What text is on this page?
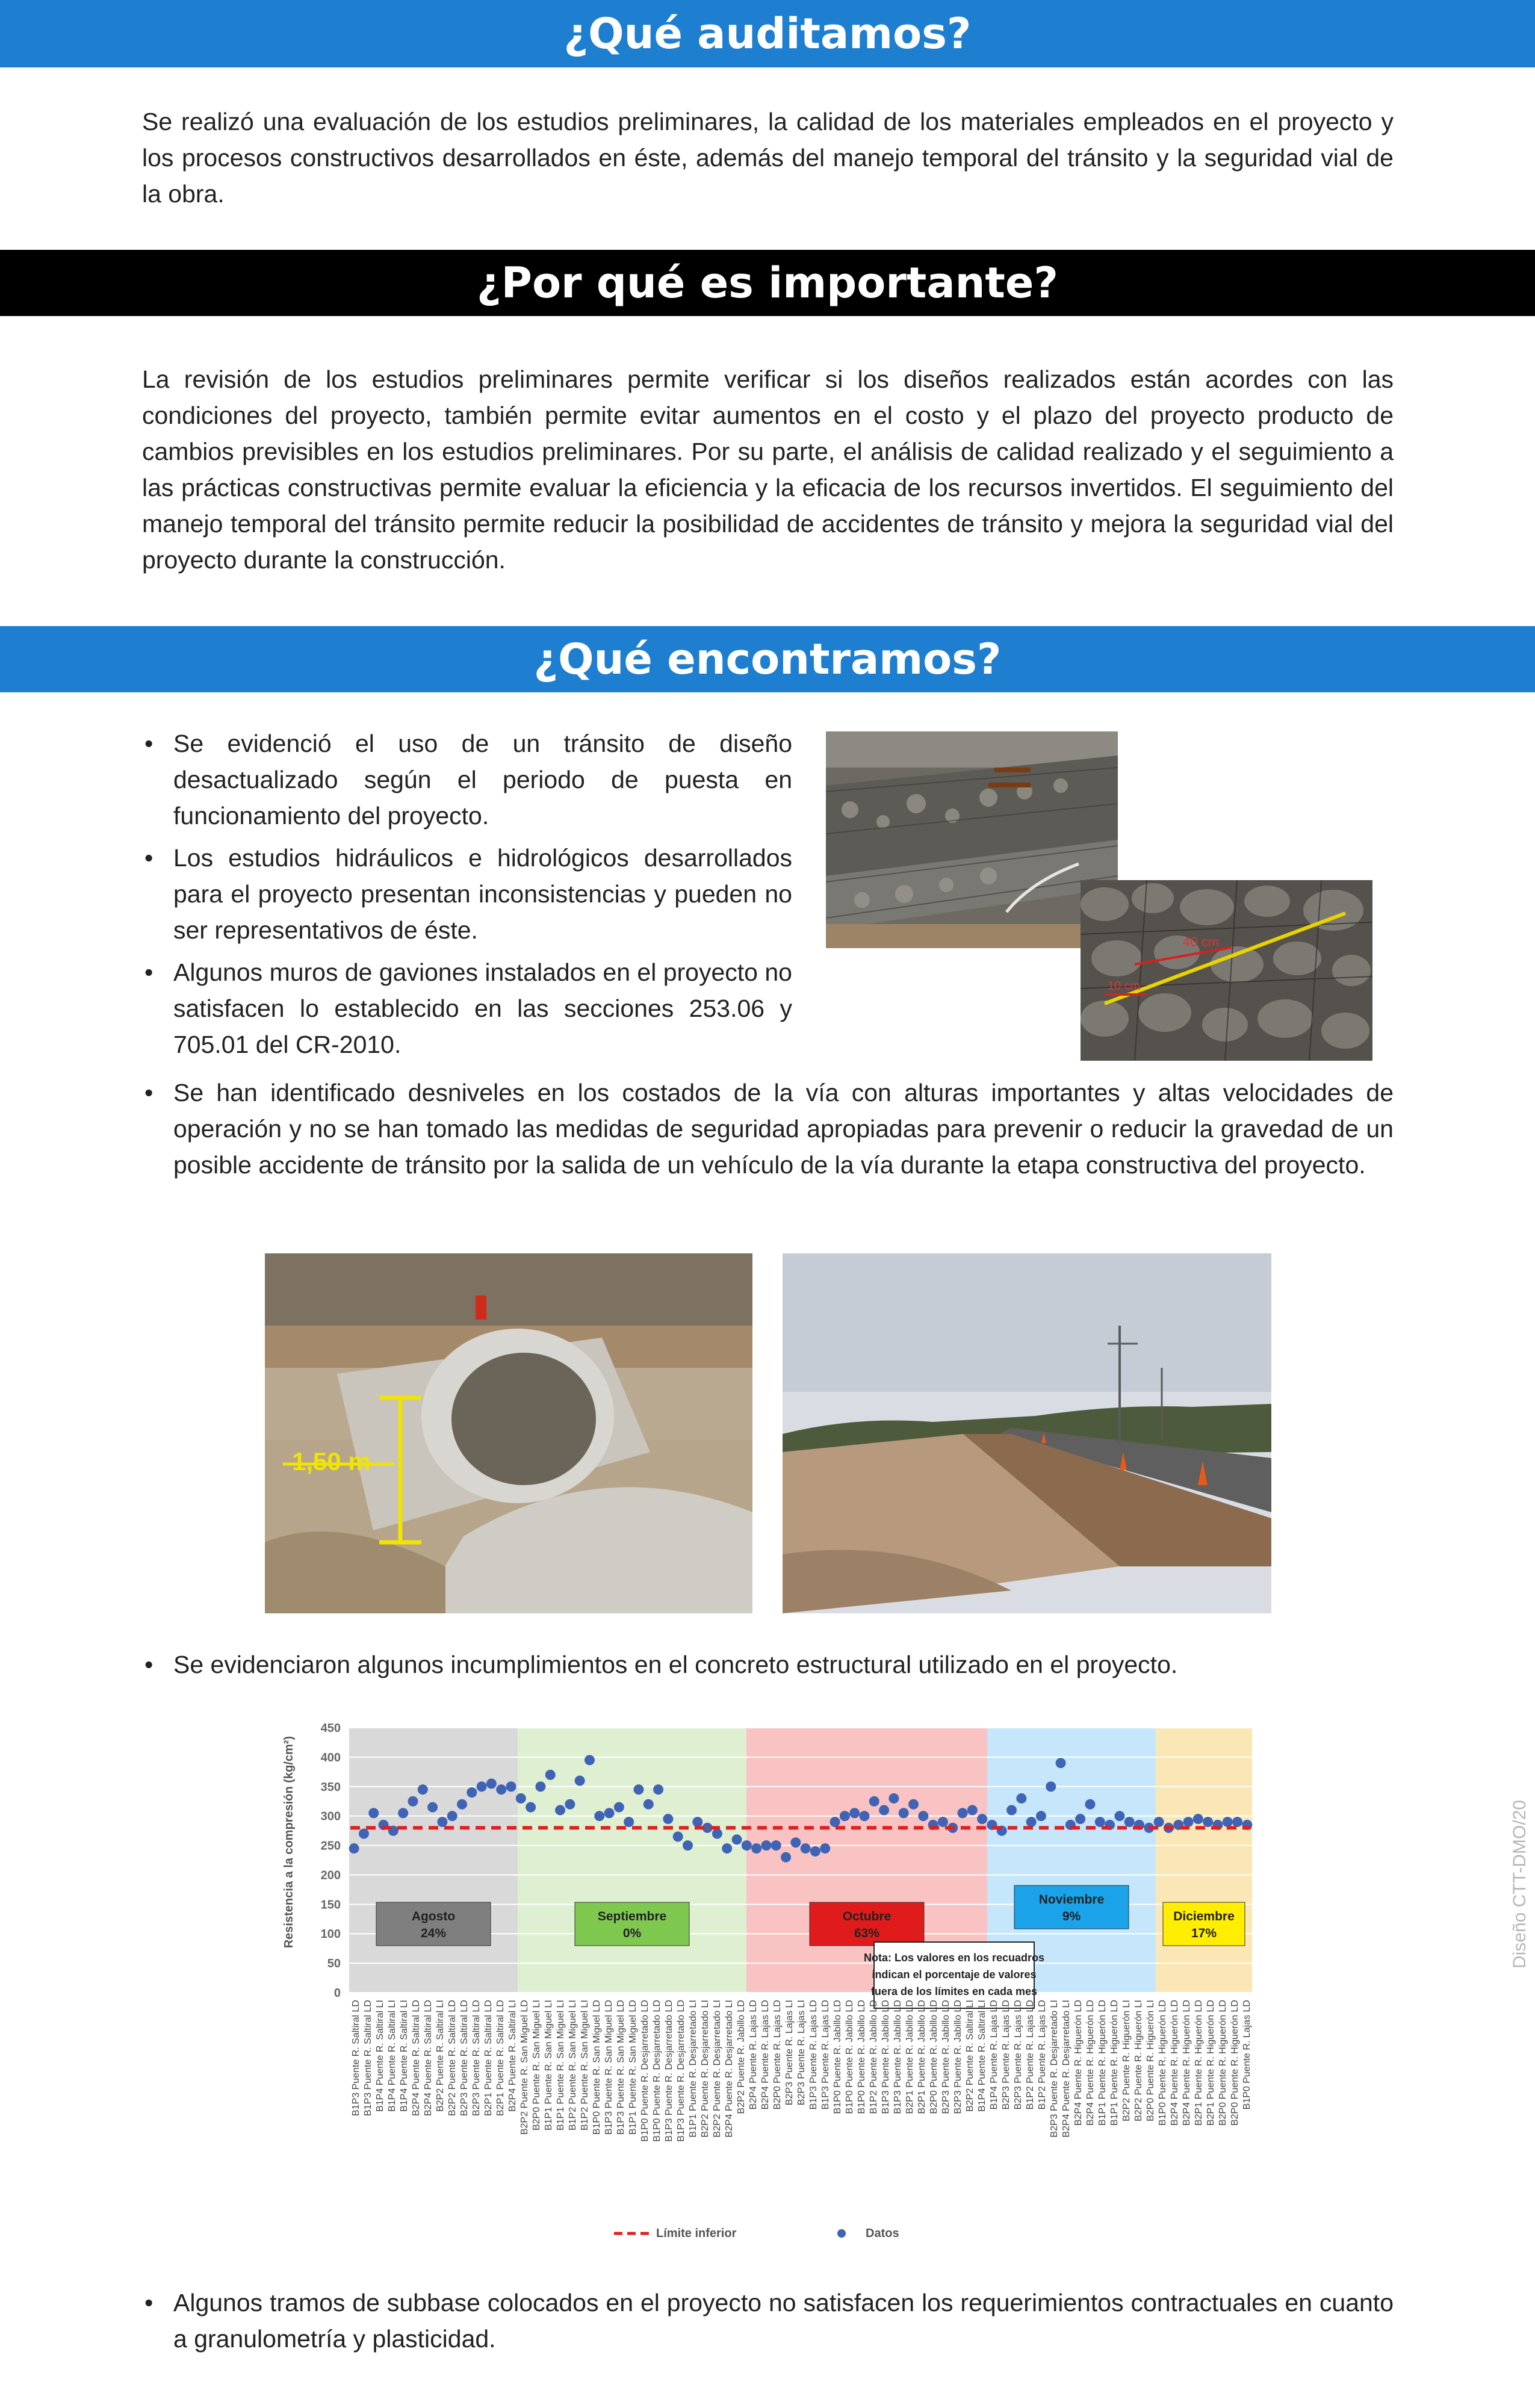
¿Qué auditamos?

Se realizó una evaluación de los estudios preliminares, la calidad de los materiales empleados en el proyecto y los procesos constructivos desarrollados en éste, además del manejo temporal del tránsito y la seguridad vial de la obra.

¿Por qué es importante?

La revisión de los estudios preliminares permite verificar si los diseños realizados están acordes con las condiciones del proyecto, también permite evitar aumentos en el costo y el plazo del proyecto producto de cambios previsibles en los estudios preliminares. Por su parte, el análisis de calidad realizado y el seguimiento a las prácticas constructivas permite evaluar la eficiencia y la eficacia de los recursos invertidos. El seguimiento del manejo temporal del tránsito permite reducir la posibilidad de accidentes de tránsito y mejora la seguridad vial del proyecto durante la construcción.

¿Qué encontramos?
• Se evidenció el uso de un tránsito de diseño desactualizado según el periodo de puesta en funcionamiento del proyecto.
• Los estudios hidráulicos e hidrológicos desarrollados para el proyecto presentan inconsistencias y pueden no ser representativos de éste.
• Algunos muros de gaviones instalados en el proyecto no satisfacen lo establecido en las secciones 253.06 y 705.01 del CR-2010.
• Se han identificado desniveles en los costados de la vía con alturas importantes y altas velocidades de operación y no se han tomado las medidas de seguridad apropiadas para prevenir o reducir la gravedad de un posible accidente de tránsito por la salida de un vehículo de la vía durante la etapa constructiva del proyecto.
40 cm
10 cm
1,50 m
• Se evidenciaron algunos incumplimientos en el concreto estructural utilizado en el proyecto.
0
50
100
150
200
250
300
350
400
450
Resistencia a la compresión (kg/cm²)	Agosto
24%
Septiembre
0%
Octubre
63%
Noviembre
9%	Diciembre
17%
Nota: Los valores en los recuadros
indican el porcentaje de valores
fuera de los límites en cada mes
B1P3 Puente R. Saltiral LD B1P3 Puente R. Saltiral LD B1P4 Puente R. Saltiral LI B1P4 Puente R. Saltiral LI B1P4 Puente R. Saltiral LI B2P4 Puente R. Saltiral LD B2P4 Puente R. Saltiral LD B2P2 Puente R. Saltiral LI B2P2 Puente R. Saltiral LD B2P3 Puente R. Saltiral LD B2P3 Puente R. Saltiral LD B2P1 Puente R. Saltiral LD B2P1 Puente R. Saltiral LD B2P4 Puente R. Saltiral LI B2P2 Puente R. San Miguel LD B2P0 Puente R. San Miguel LI B1P1 Puente R. San Miguel LI B1P1 Puente R. San Miguel LI B1P2 Puente R. San Miguel LI B1P2 Puente R. San Miguel LI B1P0 Puente R. San Miguel LD B1P3 Puente R. San Miguel LD B1P3 Puente R. San Miguel LD B1P1 Puente R. San Miguel LD B1P0 Puente R. Desjarretado LD B1P0 Puente R. Desjarretado LD B1P3 Puente R. Desjarretado LD B1P3 Puente R. Desjarretado LD B1P1 Puente R. Desjarretado LI B2P2 Puente R. Desjarretado LI B2P2 Puente R. Desjarretado LI B2P4 Puente R. Desjarretado LI B2P2 Puente R. Jabillo LD B2P4 Puente R. Lajas LD B2P4 Puente R. Lajas LD B2P0 Puente R. Lajas LD B2P3 Puente R. Lajas LI B2P3 Puente R. Lajas LI B1P3 Puente R. Lajas LD B1P3 Puente R. Lajas LD B1P0 Puente R. Jabillo LD B1P0 Puente R. Jabillo LD B1P0 Puente R. Jabillo LD B1P2 Puente R. Jabillo LD B1P3 Puente R. Jabillo LD B1P3 Puente R. Jabillo LD B2P1 Puente R. Jabillo LD B2P1 Puente R. Jabillo LD B2P0 Puente R. Jabillo LD B2P3 Puente R. Jabillo LD B2P3 Puente R. Jabillo LD B2P2 Puente R. Saltiral LI B1P4 Puente R. Saltiral LI B1P4 Puente R. Lajas LD B2P3 Puente R. Lajas LD B2P3 Puente R. Lajas LD B1P2 Puente R. Lajas LD B1P2 Puente R. Lajas LD B2P3 Puente R. Desjarretado LI B2P4 Puente R. Desjarretado LI B2P4 Puente R. Higuerón LD B2P4 Puente R. Higuerón LD B1P1 Puente R. Higuerón LD B1P1 Puente R. Higuerón LD B2P2 Puente R. Higuerón LI B2P2 Puente R. Higuerón LI B2P0 Puente R. Higuerón LI B1P0 Puente R. Higuerón LD B2P4 Puente R. Higuerón LD B2P4 Puente R. Higuerón LD B2P1 Puente R. Higuerón LD B2P1 Puente R. Higuerón LD B2P0 Puente R. Higuerón LD B2P0 Puente R. Higuerón LD B1P0 Puente R. Lajas LD
Límite inferior	Datos
Diseño CTT-DMO/20
• Algunos tramos de subbase colocados en el proyecto no satisfacen los requerimientos contractuales en cuanto a granulometría y plasticidad.
